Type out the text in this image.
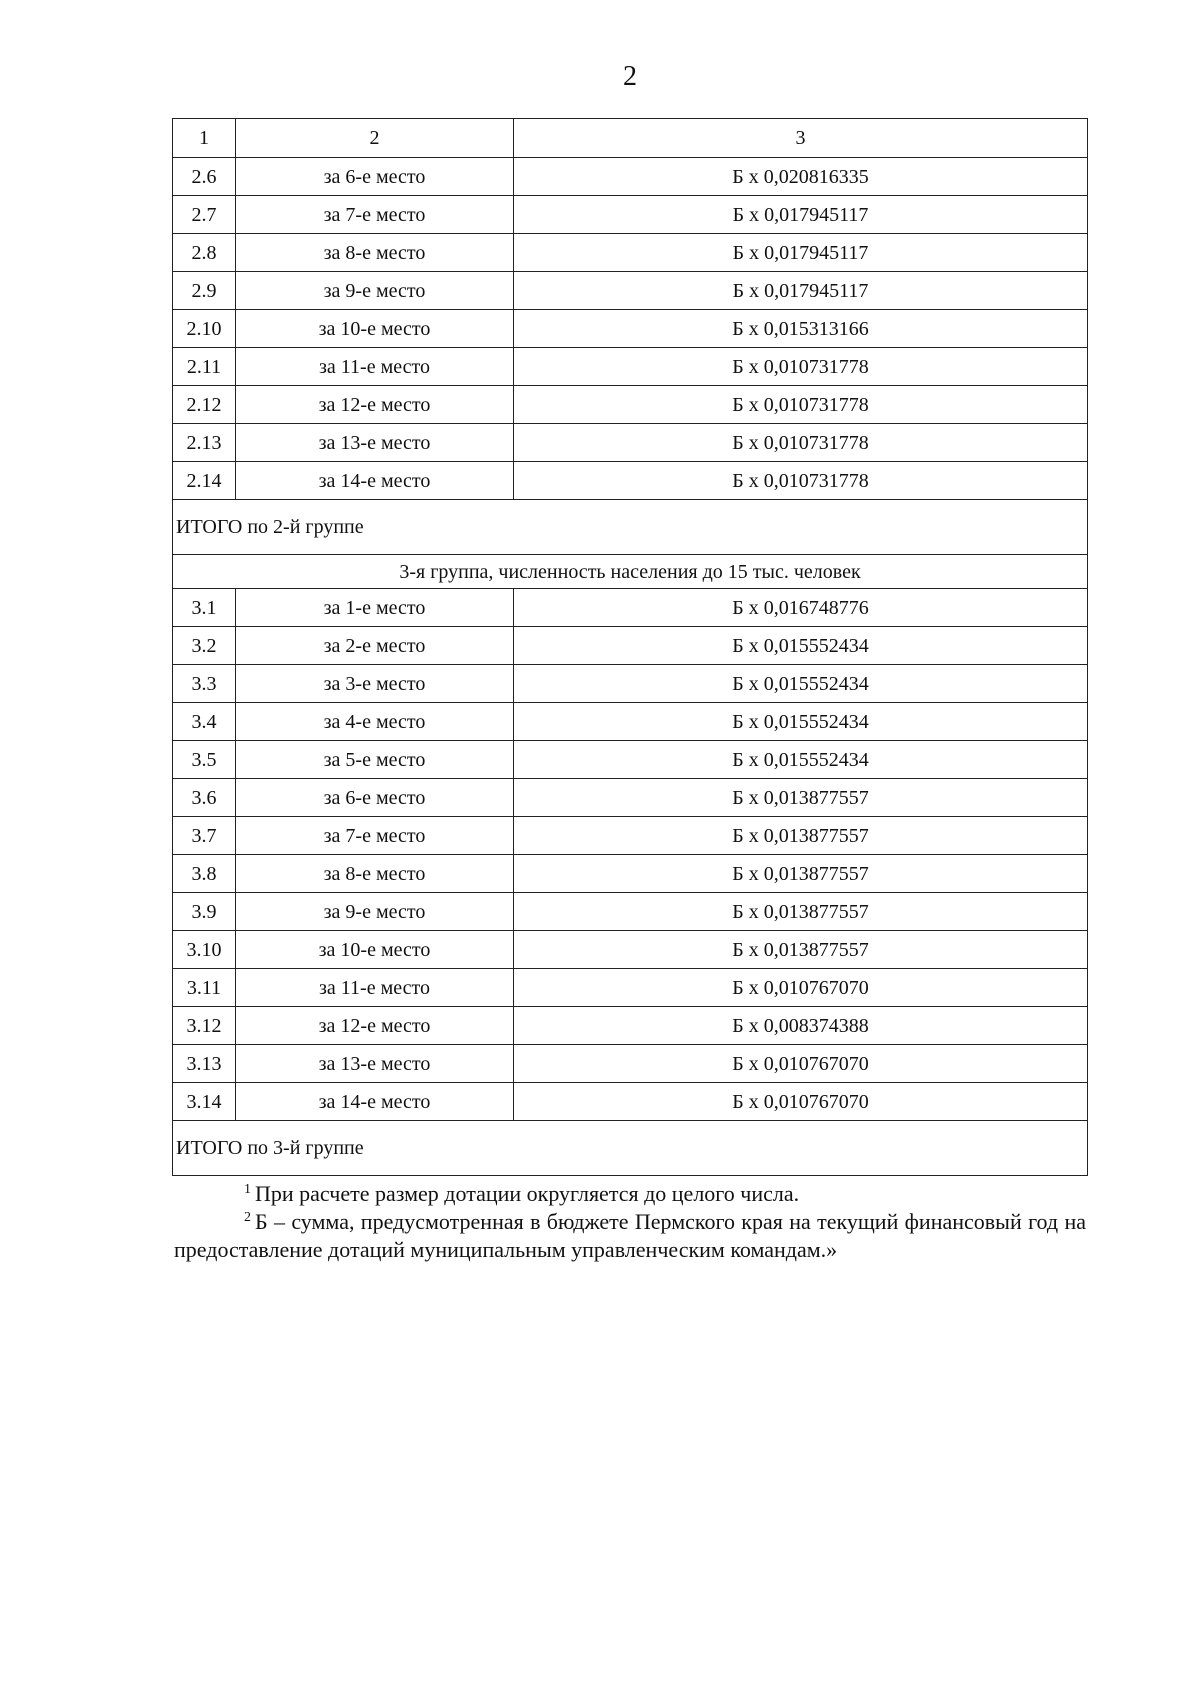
2
1	2	3
2.6	за 6-е место	Б х 0,020816335
2.7	за 7-е место	Б х 0,017945117
2.8	за 8-е место	Б х 0,017945117
2.9	за 9-е место	Б х 0,017945117
2.10	за 10-е место	Б х 0,015313166
2.11	за 11-е место	Б х 0,010731778
2.12	за 12-е место	Б х 0,010731778
2.13	за 13-е место	Б х 0,010731778
2.14	за 14-е место	Б х 0,010731778
ИТОГО по 2-й группе		
3-я группа, численность населения до 15 тыс. человек		
3.1	за 1-е место	Б х 0,016748776
3.2	за 2-е место	Б х 0,015552434
3.3	за 3-е место	Б х 0,015552434
3.4	за 4-е место	Б х 0,015552434
3.5	за 5-е место	Б х 0,015552434
3.6	за 6-е место	Б х 0,013877557
3.7	за 7-е место	Б х 0,013877557
3.8	за 8-е место	Б х 0,013877557
3.9	за 9-е место	Б х 0,013877557
3.10	за 10-е место	Б х 0,013877557
3.11	за 11-е место	Б х 0,010767070
3.12	за 12-е место	Б х 0,008374388
3.13	за 13-е место	Б х 0,010767070
3.14	за 14-е место	Б х 0,010767070
ИТОГО по 3-й группе		

$^1$ При расчете размер дотации округляется до целого числа.

$^2$ Б – сумма, предусмотренная в бюджете Пермского края на текущий финансовый год на предоставление дотаций муниципальным управленческим командам.»
